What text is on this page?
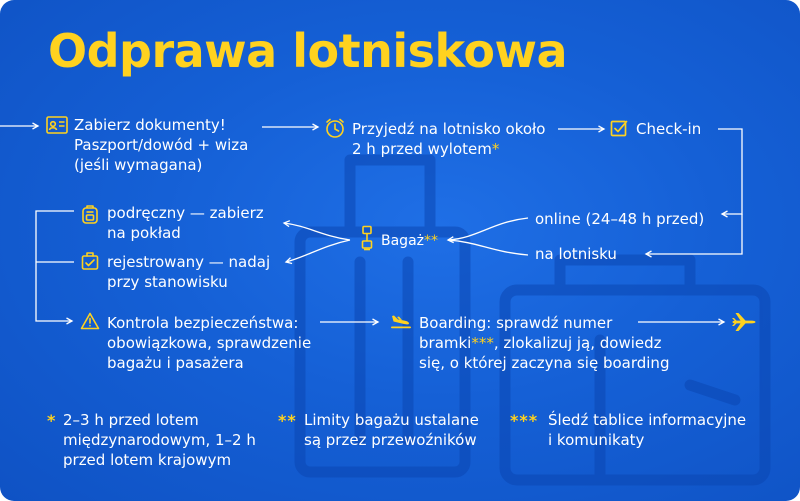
Odprawa lotniskowa
Zabierz dokumenty!
Paszport/dowód + wiza
(jeśli wymagana)
Przyjedź na lotnisko około
2 h przed wylotem*
Check-in
online (24–48 h przed)
na lotnisku
Bagaż**
podręczny — zabierz
na pokład
rejestrowany — nadaj
przy stanowisku
Kontrola bezpieczeństwa:
obowiązkowa, sprawdzenie
bagażu i pasażera
Boarding: sprawdź numer
bramki***, zlokalizuj ją, dowiedz
się, o której zaczyna się boarding
* 2–3 h przed lotem
międzynarodowym, 1–2 h
przed lotem krajowym
** Limity bagażu ustalane
są przez przewoźników
*** Śledź tablice informacyjne
i komunikaty
